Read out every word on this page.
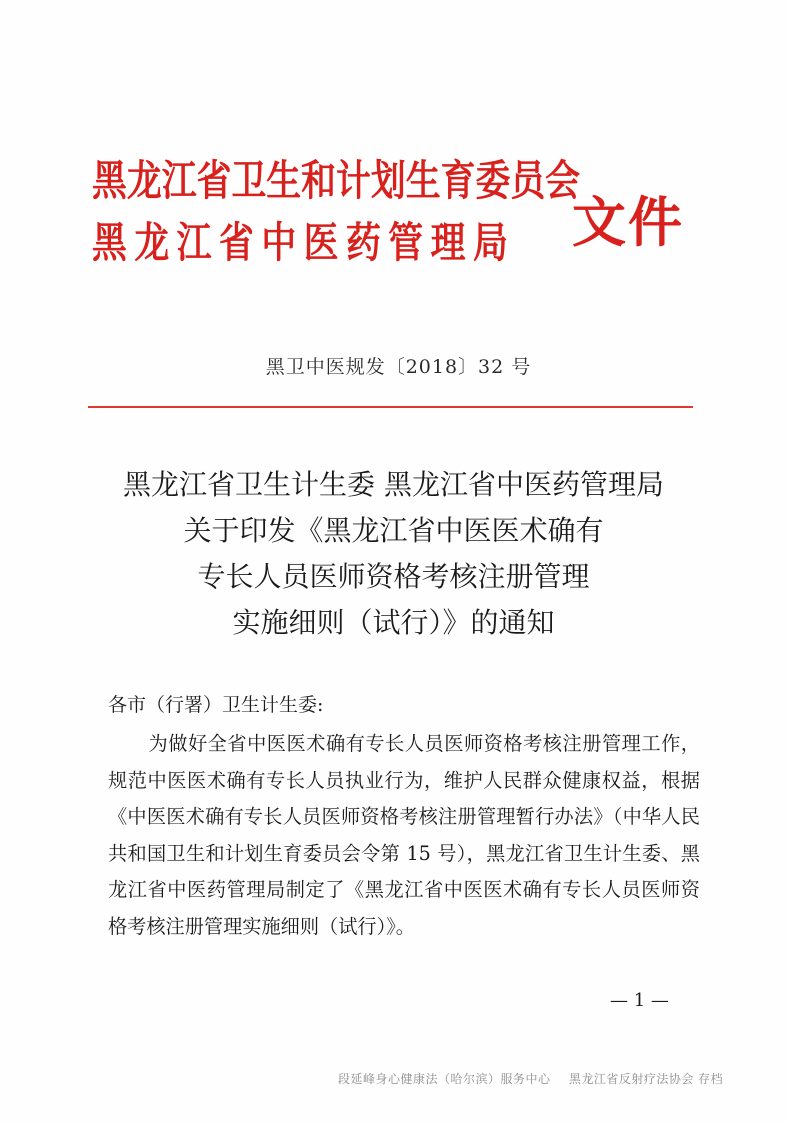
黑龙江省卫生和计划生育委员会
黑龙江省中医药管理局 文件
黑卫中医规发〔2018〕32 号
黑龙江省卫生计生委 黑龙江省中医药管理局
关于印发《黑龙江省中医医术确有
专长人员医师资格考核注册管理
实施细则（试行）》的通知
各市（行署）卫生计生委:
为做好全省中医医术确有专长人员医师资格考核注册管理工作，规范中医医术确有专长人员执业行为，维护人民群众健康权益，根据《中医医术确有专长人员医师资格考核注册管理暂行办法》（中华人民共和国卫生和计划生育委员会令第 15 号），黑龙江省卫生计生委、黑龙江省中医药管理局制定了《黑龙江省中医医术确有专长人员医师资格考核注册管理实施细则（试行）》。
— 1 —
段延峰身心健康法（哈尔滨）服务中心 黑龙江省反射疗法协会 存档
